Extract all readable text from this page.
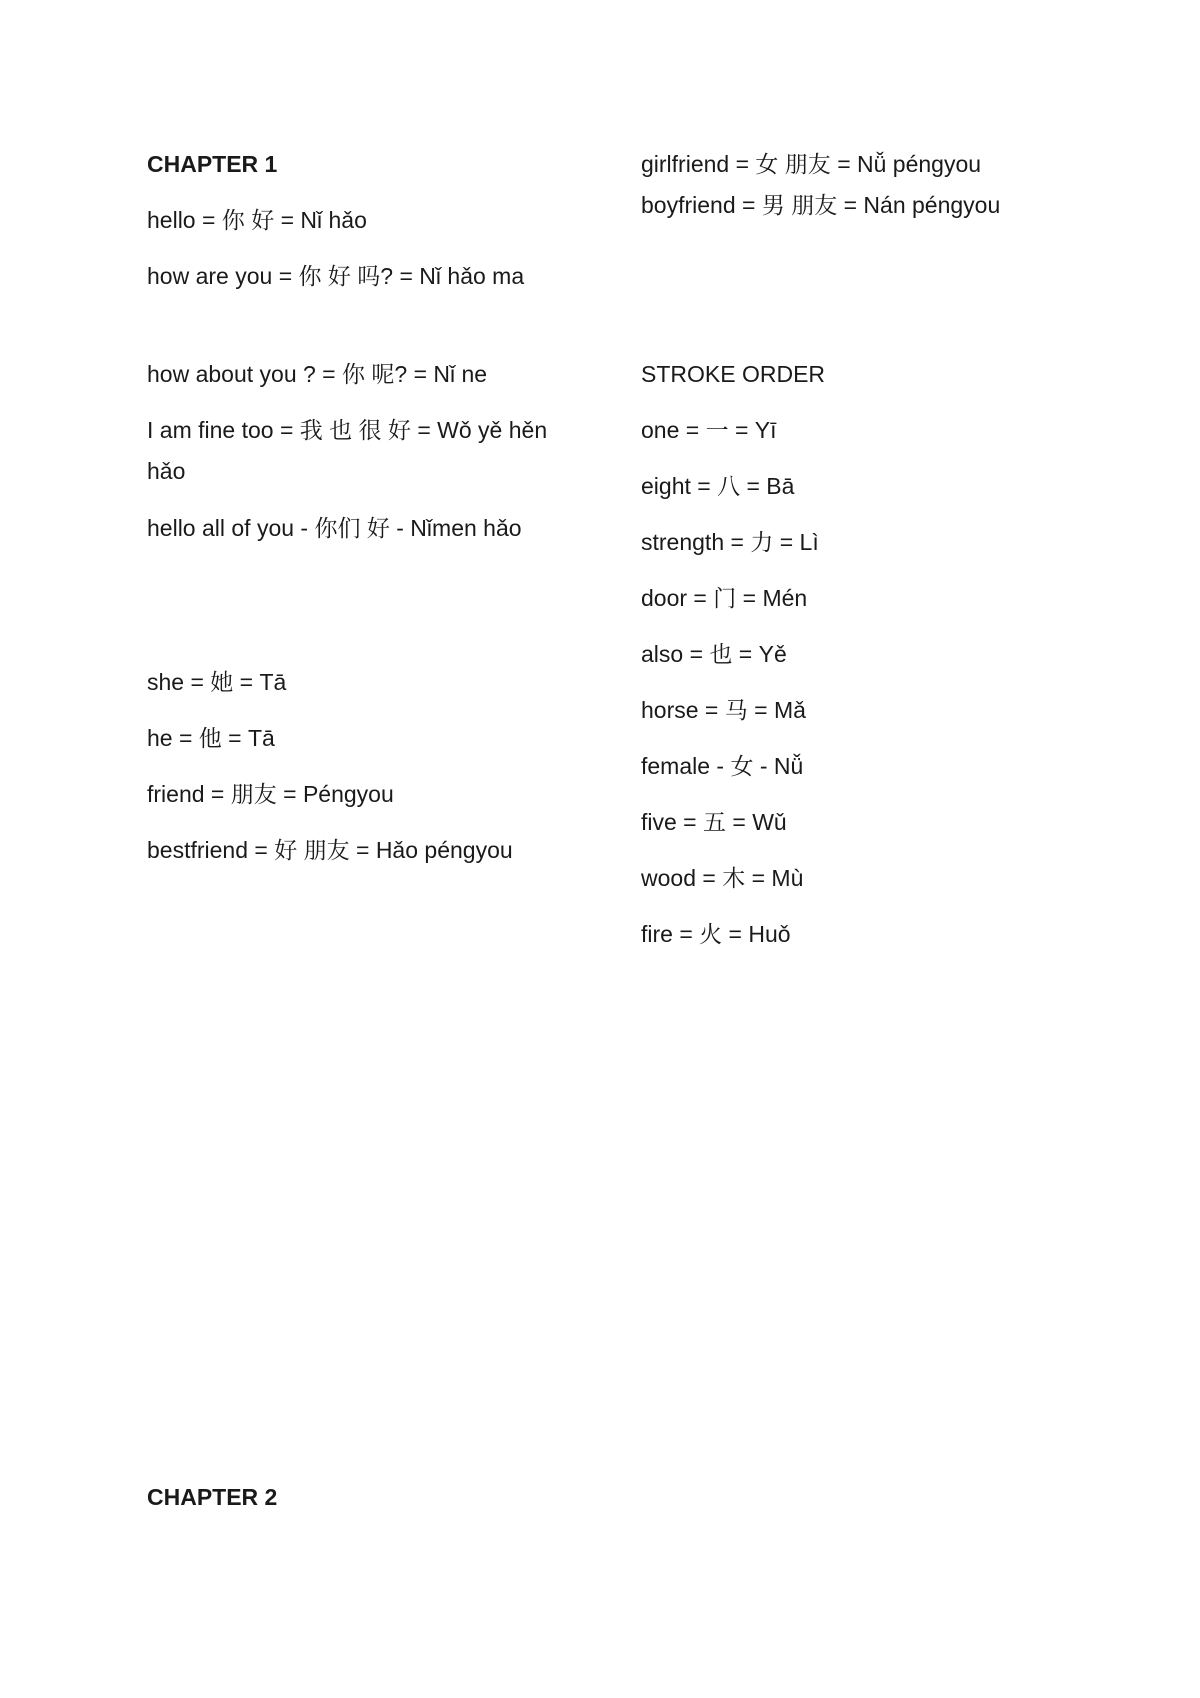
CHAPTER 1
hello = 你 好 = Nǐ hǎo
how are you = 你 好 吗? = Nǐ hǎo ma
how about you ? = 你 呢? = Nǐ ne
I am fine too = 我 也 很 好 = Wǒ yě hěn hǎo
hello all of you - 你们 好 - Nǐmen hǎo
she = 她 = Tā
he = 他 = Tā
friend = 朋友 = Péngyou
bestfriend = 好 朋友 = Hǎo péngyou
CHAPTER 2
girlfriend = 女 朋友 = Nǚ péngyou
boyfriend = 男 朋友 = Nán péngyou
STROKE ORDER
one = 一 = Yī
eight = 八 = Bā
strength = 力 = Lì
door = 门 = Mén
also = 也 = Yě
horse = 马 = Mǎ
female - 女 - Nǚ
five = 五 = Wǔ
wood = 木 = Mù
fire = 火 = Huǒ
